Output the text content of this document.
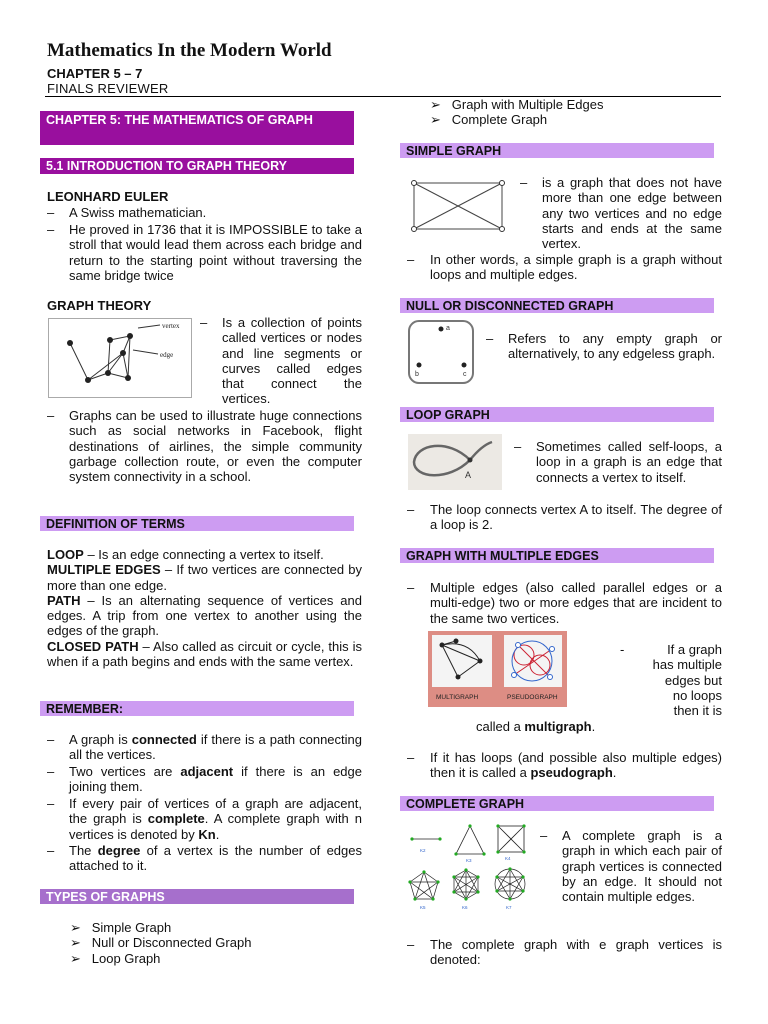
Mathematics In the Modern World
CHAPTER 5 – 7
FINALS REVIEWER
CHAPTER 5: THE MATHEMATICS OF GRAPH
5.1 INTRODUCTION TO GRAPH THEORY
LEONHARD EULER
–	A Swiss mathematician.
–	He proved in 1736 that it is IMPOSSIBLE to take a stroll that would lead them across each bridge and return to the starting point without traversing the same bridge twice
GRAPH THEORY
vertex
edge
–	Is a collection of points called vertices or nodes and line segments or curves called edges that connect the vertices.
–	Graphs can be used to illustrate huge connections such as social networks in Facebook, flight destinations of airlines, the simple community garbage collection route, or even the computer system connectivity in a school.
DEFINITION OF TERMS
LOOP – Is an edge connecting a vertex to itself.
MULTIPLE EDGES – If two vertices are connected by more than one edge.
PATH – Is an alternating sequence of vertices and edges. A trip from one vertex to another using the edges of the graph.
CLOSED PATH – Also called as circuit or cycle, this is when if a path begins and ends with the same vertex.
REMEMBER:
–	A graph is connected if there is a path connecting all the vertices.
–	Two vertices are adjacent if there is an edge joining them.
–	If every pair of vertices of a graph are adjacent, the graph is complete. A complete graph with n vertices is denoted by Kn.
–	The degree of a vertex is the number of edges attached to it.
TYPES OF GRAPHS
➢ Simple Graph
➢ Null or Disconnected Graph
➢ Loop Graph
➢ Graph with Multiple Edges
➢ Complete Graph
SIMPLE GRAPH
–	is a graph that does not have more than one edge between any two vertices and no edge starts and ends at the same vertex.
–	In other words, a simple graph is a graph without loops and multiple edges.
NULL OR DISCONNECTED GRAPH
a
b	c
–	Refers to any empty graph or alternatively, to any edgeless graph.
LOOP GRAPH
A
–	Sometimes called self-loops, a loop in a graph is an edge that connects a vertex to itself.
–	The loop connects vertex A to itself. The degree of a loop is 2.
GRAPH WITH MULTIPLE EDGES
–	Multiple edges (also called parallel edges or a multi-edge) two or more edges that are incident to the same two vertices.
MULTIGRAPH	PSEUDOGRAPH
-	If a graph
has multiple
edges but
no loops
then it is
called a multigraph.
–	If it has loops (and possible also multiple edges) then it is called a pseudograph.
COMPLETE GRAPH
K2
K3	K4
K5	K6	K7
–	A complete graph is a graph in which each pair of graph vertices is connected by an edge. It should not contain multiple edges.
–	The complete graph with e graph vertices is denoted:
